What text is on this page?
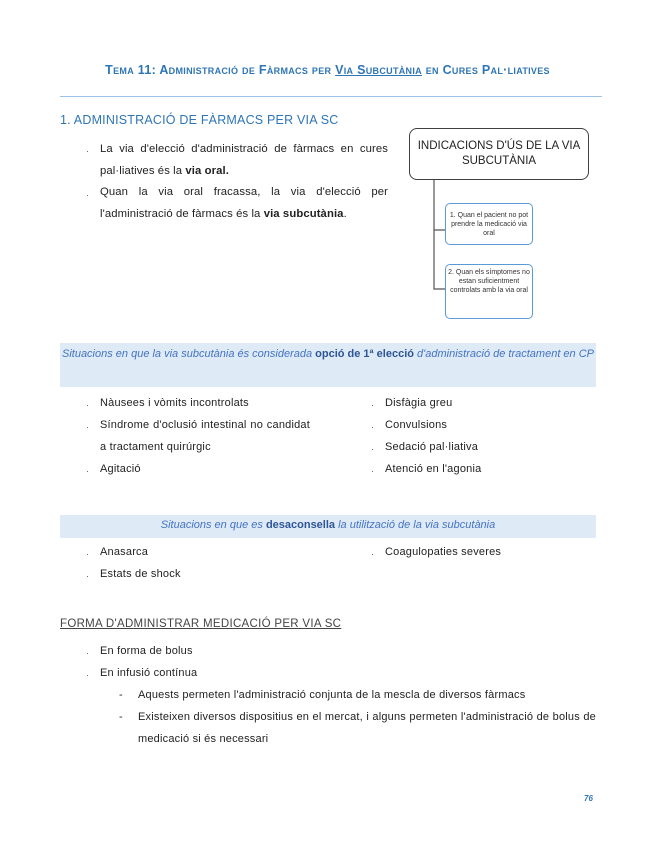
Tema 11: Administració de Fàrmacs per Via Subcutània en Cures Pal·liatives
1. ADMINISTRACIÓ DE FÀRMACS PER VIA SC
· La via d'elecció d'administració de fàrmacs en cures pal·liatives és la via oral.
· Quan la via oral fracassa, la via d'elecció per l'administració de fàrmacs és la via subcutània.
INDICACIONS D'ÚS DE LA VIA SUBCUTÀNIA
1. Quan el pacient no pot prendre la medicació via oral
2. Quan els símptomes no estan suficientment controlats amb la via oral
Situacions en que la via subcutània és considerada opció de 1ª elecció d'administració de tractament en CP
· Nàusees i vòmits incontrolats
· Síndrome d'oclusió intestinal no candidat a tractament quirúrgic
· Agitació
· Disfàgia greu
· Convulsions
· Sedació pal·liativa
· Atenció en l'agonia
Situacions en que es desaconsella la utilització de la via subcutània
· Anasarca
· Estats de shock
· Coagulopaties severes
FORMA D'ADMINISTRAR MEDICACIÓ PER VIA SC
· En forma de bolus
· En infusió contínua
- Aquests permeten l'administració conjunta de la mescla de diversos fàrmacs
- Existeixen diversos dispositius en el mercat, i alguns permeten l'administració de bolus de medicació si és necessari
76
